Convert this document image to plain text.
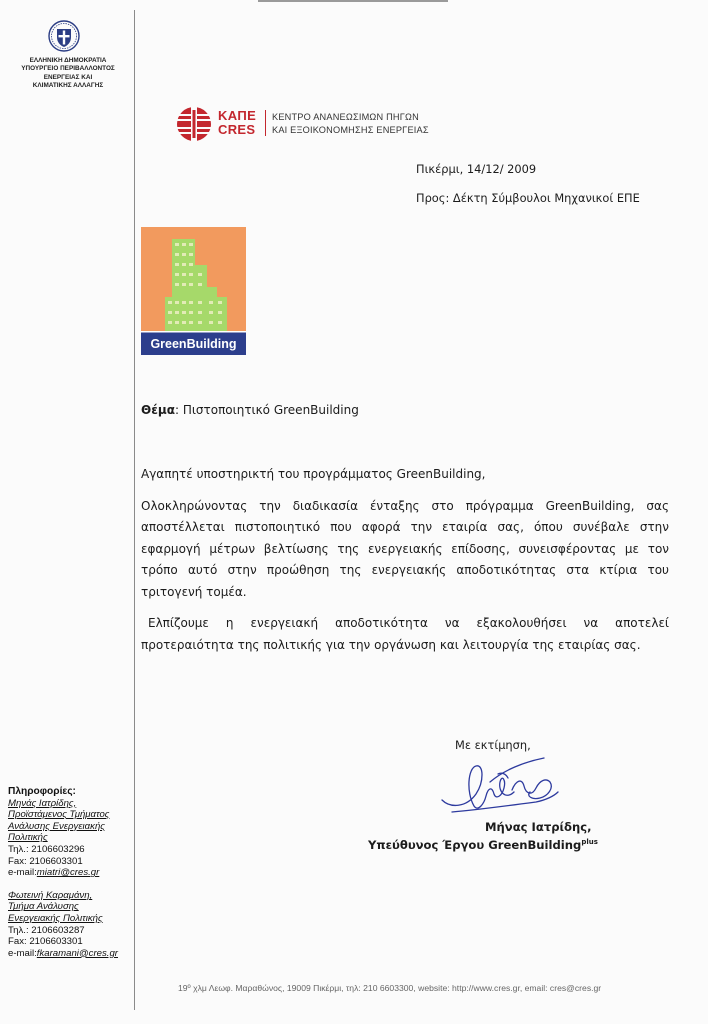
ΕΛΛΗΝΙΚΗ ΔΗΜΟΚΡΑΤΙΑ
ΥΠΟΥΡΓΕΙΟ ΠΕΡΙΒΑΛΛΟΝΤΟΣ
ΕΝΕΡΓΕΙΑΣ ΚΑΙ
ΚΛΙΜΑΤΙΚΗΣ ΑΛΛΑΓΗΣ
ΚΑΠΕ
CRES
ΚΕΝΤΡΟ ΑΝΑΝΕΩΣΙΜΩΝ ΠΗΓΩΝ
ΚΑΙ ΕΞΟΙΚΟΝΟΜΗΣΗΣ ΕΝΕΡΓΕΙΑΣ
Πικέρμι, 14/12/ 2009
Προς: Δέκτη Σύμβουλοι Μηχανικοί ΕΠΕ
GreenBuilding
Θέμα: Πιστοποιητικό GreenBuilding

Αγαπητέ υποστηρικτή του προγράμματος GreenBuilding,

Ολοκληρώνοντας την διαδικασία ένταξης στο πρόγραμμα GreenBuilding, σας αποστέλλεται πιστοποιητικό που αφορά την εταιρία σας, όπου συνέβαλε στην εφαρμογή μέτρων βελτίωσης της ενεργειακής επίδοσης, συνεισφέροντας με τον τρόπο αυτό στην προώθηση της ενεργειακής αποδοτικότητας στα κτίρια του τριτογενή τομέα.

Ελπίζουμε η ενεργειακή αποδοτικότητα να εξακολουθήσει να αποτελεί προτεραιότητα της πολιτικής για την οργάνωση και λειτουργία της εταιρίας σας.

Με εκτίμηση,
Μήνας Ιατρίδης,
Υπεύθυνος Έργου GreenBuilding$^{plus}$
Πληροφορίες:
Μηνάς Ιατρίδης,
Προϊστάμενος Τμήματος
Ανάλυσης Ενεργειακής
Πολιτικής
Τηλ.: 2106603296
Fax: 2106603301
e-mail:miatri@cres.gr
Φωτεινή Καραμάνη,
Τμήμα Ανάλυσης
Ενεργειακής Πολιτικής
Τηλ.: 2106603287
Fax: 2106603301
e-mail:fkaramani@cres.gr
19º χλμ Λεωφ. Μαραθώνος, 19009 Πικέρμι, τηλ: 210 6603300, website: http://www.cres.gr, email: cres@cres.gr
